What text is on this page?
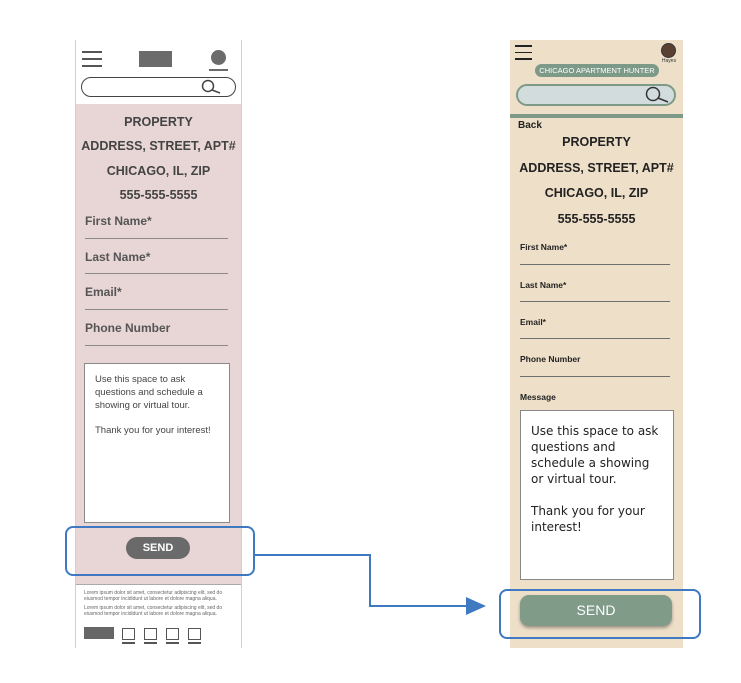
PROPERTY
ADDRESS, STREET, APT#
CHICAGO, IL, ZIP
555-555-5555
First Name*
Last Name*
Email*
Phone Number
Use this space to ask questions and schedule a showing or virtual tour.

Thank you for your interest!
SEND
Lorem ipsum dolor sit amet, consectetur adipiscing elit, sed do eiusmod tempor incididunt ut labore et dolore magna aliqua.
Lorem ipsum dolor sit amet, consectetur adipiscing elit, sed do eiusmod tempor incididunt ut labore et dolore magna aliqua.
Hayes
CHICAGO APARTMENT HUNTER
Back
PROPERTY
ADDRESS, STREET, APT#
CHICAGO, IL, ZIP
555-555-5555
First Name*
Last Name*
Email*
Phone Number
Message
Use this space to ask questions and schedule a showing or virtual tour.

Thank you for your interest!
SEND
